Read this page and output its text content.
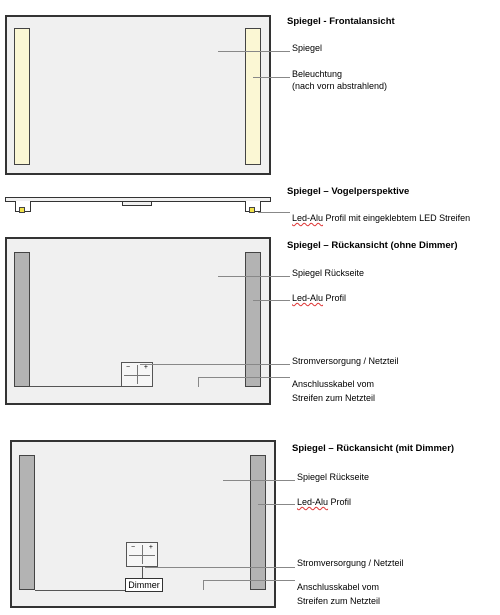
Spiegel - Frontalansicht
Spiegel
Beleuchtung
(nach vorn abstrahlend)
Spiegel – Vogelperspektive
Led-Alu Profil mit eingeklebtem LED Streifen
− +
Spiegel – Rückansicht (ohne Dimmer)
Spiegel Rückseite
Led-Alu Profil
Stromversorgung / Netzteil
Anschlusskabel vom
Streifen zum Netzteil
− +
Dimmer
Spiegel – Rückansicht (mit Dimmer)
Spiegel Rückseite
Led-Alu Profil
Stromversorgung / Netzteil
Anschlusskabel vom
Streifen zum Netzteil
